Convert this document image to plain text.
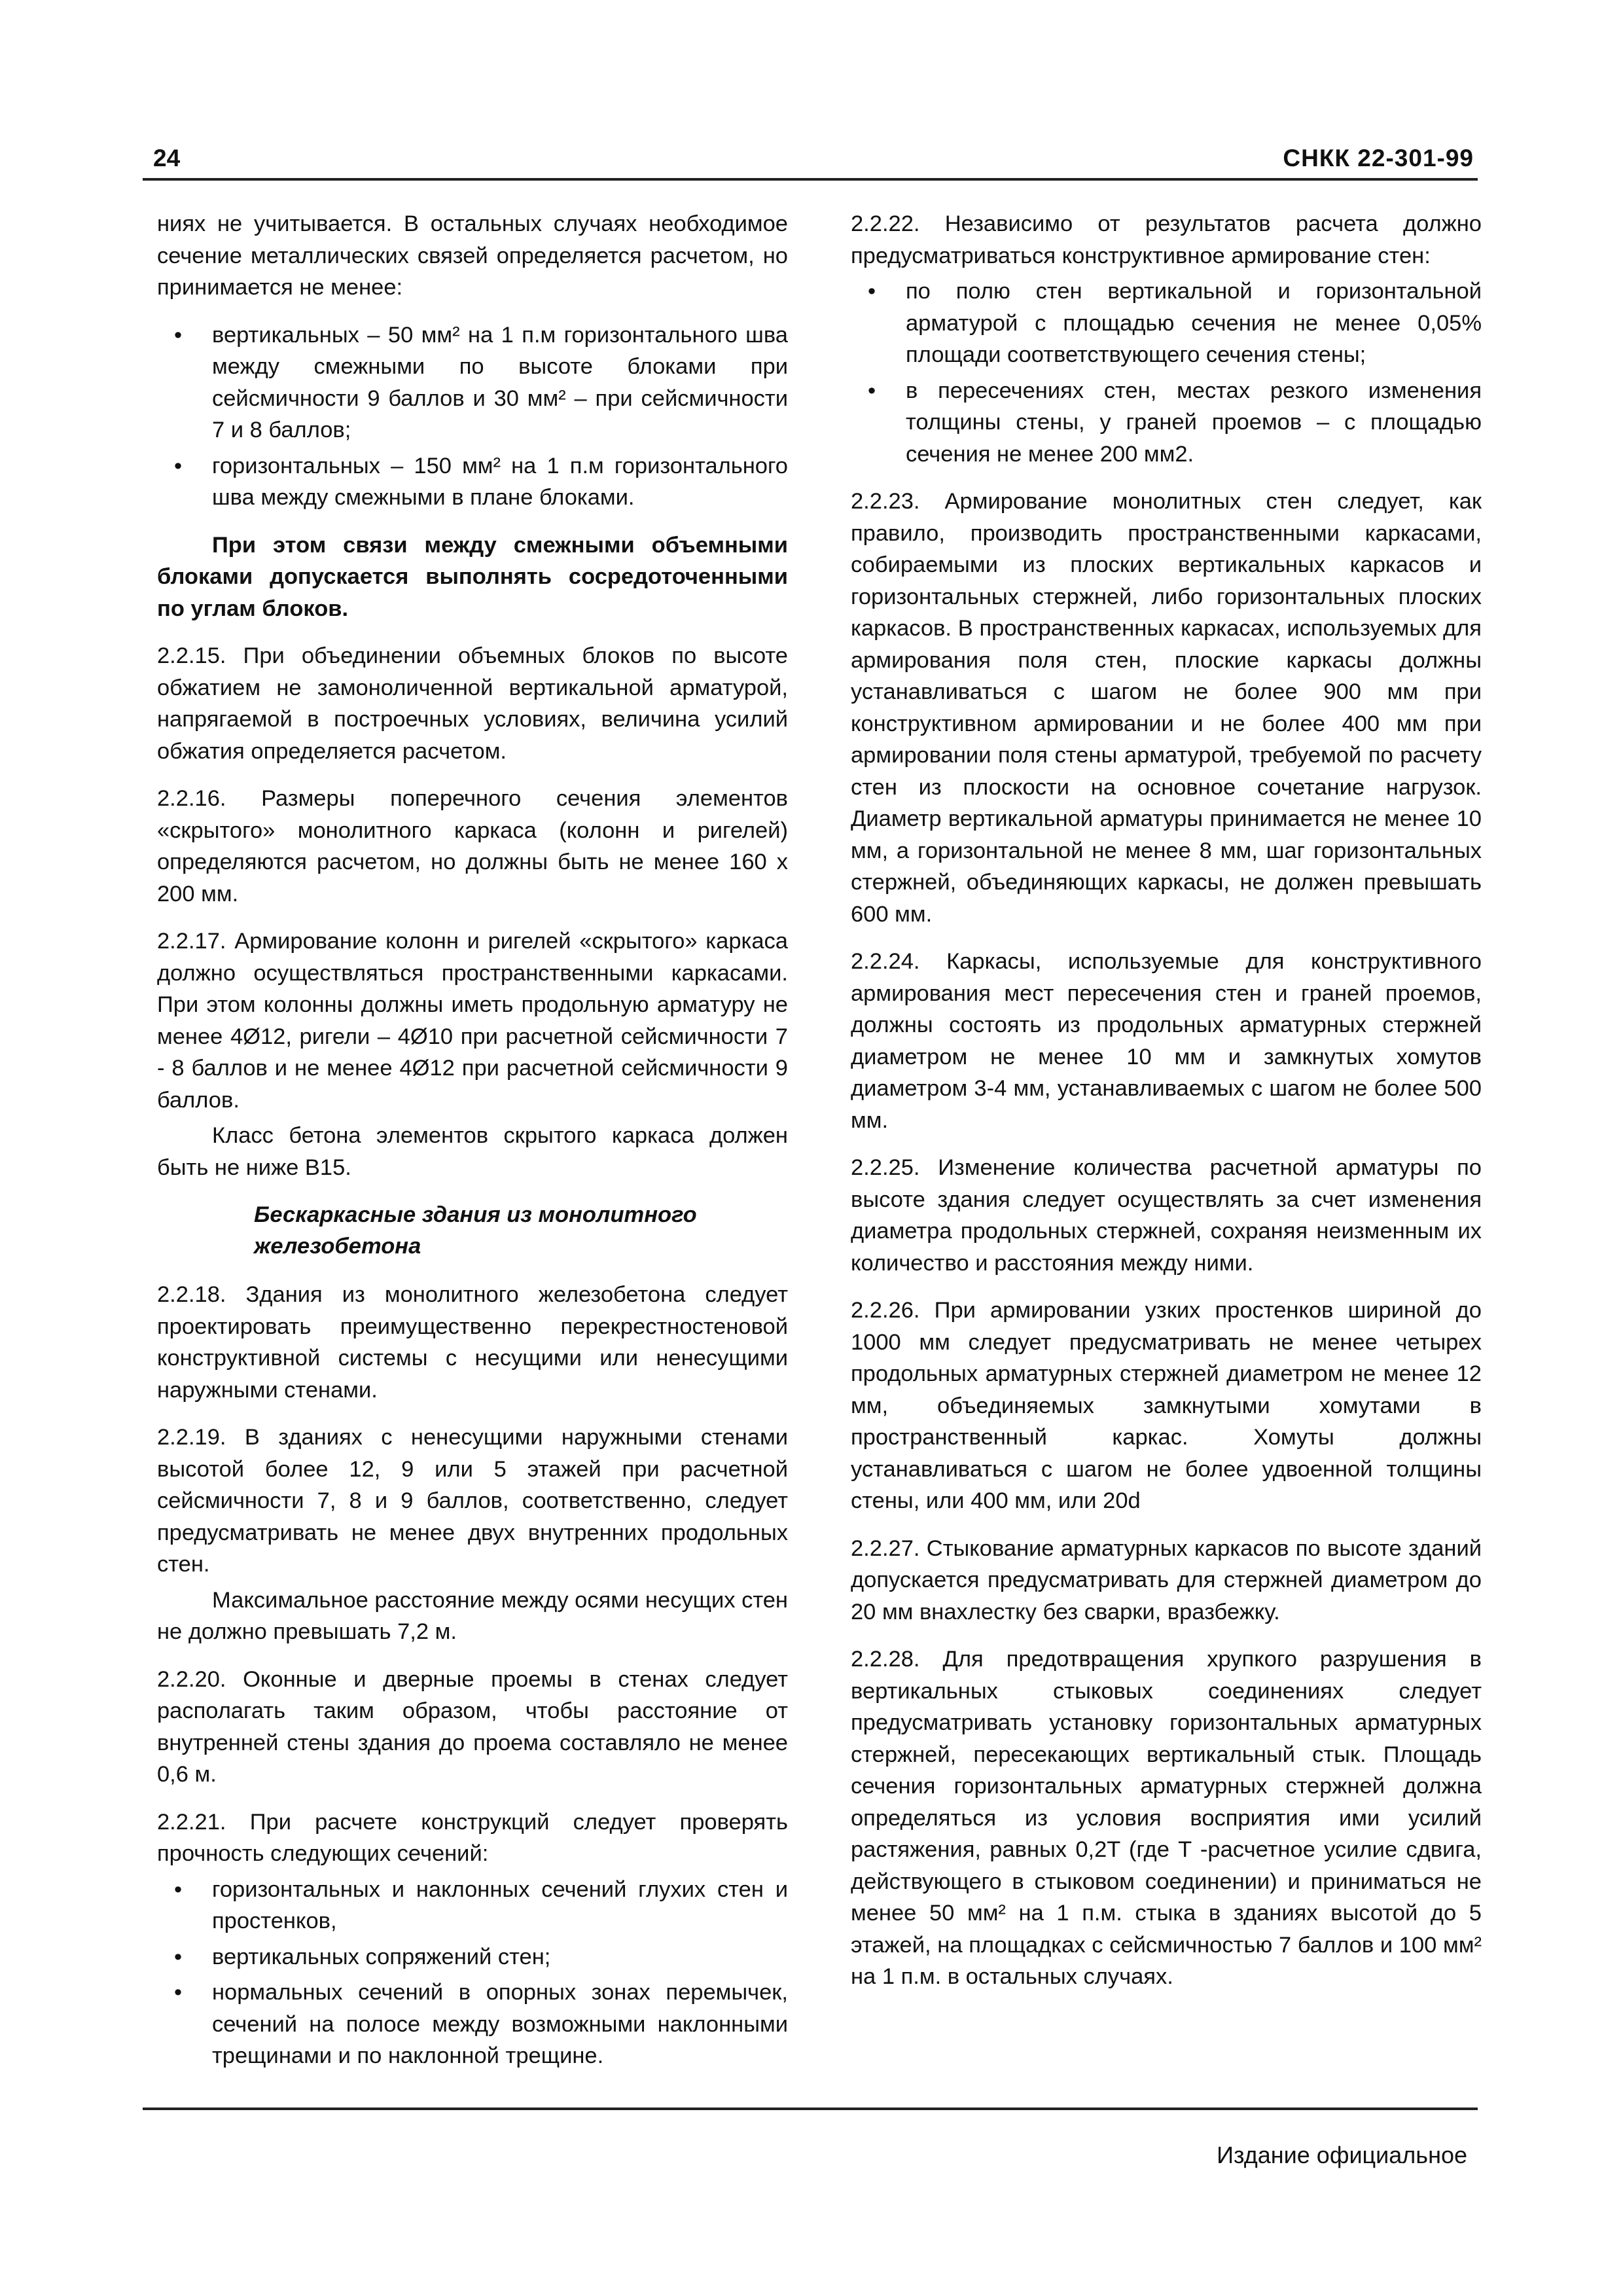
24	СНКК 22-301-99

ниях не учитывается. В остальных случаях необходимое сечение металлических связей определяется расчетом, но принимается не менее:

• вертикальных – 50 мм² на 1 п.м горизонтального шва между смежными по высоте блоками при сейсмичности 9 баллов и 30 мм² – при сейсмичности 7 и 8 баллов;
• горизонтальных – 150 мм² на 1 п.м горизонтального шва между смежными в плане блоками.

При этом связи между смежными объемными блоками допускается выполнять сосредоточенными по углам блоков.

2.2.15. При объединении объемных блоков по высоте обжатием не замоноличенной вертикальной арматурой, напрягаемой в построечных условиях, величина усилий обжатия определяется расчетом.

2.2.16. Размеры поперечного сечения элементов «скрытого» монолитного каркаса (колонн и ригелей) определяются расчетом, но должны быть не менее 160 х 200 мм.

2.2.17. Армирование колонн и ригелей «скрытого» каркаса должно осуществляться пространственными каркасами. При этом колонны должны иметь продольную арматуру не менее 4Ø12, ригели – 4Ø10 при расчетной сейсмичности 7 - 8 баллов и не менее 4Ø12 при расчетной сейсмичности 9 баллов.

Класс бетона элементов скрытого каркаса должен быть не ниже B15.

Бескаркасные здания из монолитного железобетона

2.2.18. Здания из монолитного железобетона следует проектировать преимущественно перекрестностеновой конструктивной системы с несущими или ненесущими наружными стенами.

2.2.19. В зданиях с ненесущими наружными стенами высотой более 12, 9 или 5 этажей при расчетной сейсмичности 7, 8 и 9 баллов, соответственно, следует предусматривать не менее двух внутренних продольных стен.

Максимальное расстояние между осями несущих стен не должно превышать 7,2 м.

2.2.20. Оконные и дверные проемы в стенах следует располагать таким образом, чтобы расстояние от внутренней стены здания до проема составляло не менее 0,6 м.

2.2.21. При расчете конструкций следует проверять прочность следующих сечений:

• горизонтальных и наклонных сечений глухих стен и простенков,
• вертикальных сопряжений стен;
• нормальных сечений в опорных зонах перемычек, сечений на полосе между возможными наклонными трещинами и по наклонной трещине.

2.2.22. Независимо от результатов расчета должно предусматриваться конструктивное армирование стен:

• по полю стен вертикальной и горизонтальной арматурой с площадью сечения не менее 0,05% площади соответствующего сечения стены;
• в пересечениях стен, местах резкого изменения толщины стены, у граней проемов – с площадью сечения не менее 200 мм2.

2.2.23. Армирование монолитных стен следует, как правило, производить пространственными каркасами, собираемыми из плоских вертикальных каркасов и горизонтальных стержней, либо горизонтальных плоских каркасов. В пространственных каркасах, используемых для армирования поля стен, плоские каркасы должны устанавливаться с шагом не более 900 мм при конструктивном армировании и не более 400 мм при армировании поля стены арматурой, требуемой по расчету стен из плоскости на основное сочетание нагрузок. Диаметр вертикальной арматуры принимается не менее 10 мм, а горизонтальной не менее 8 мм, шаг горизонтальных стержней, объединяющих каркасы, не должен превышать 600 мм.

2.2.24. Каркасы, используемые для конструктивного армирования мест пересечения стен и граней проемов, должны состоять из продольных арматурных стержней диаметром не менее 10 мм и замкнутых хомутов диаметром 3-4 мм, устанавливаемых с шагом не более 500 мм.

2.2.25. Изменение количества расчетной арматуры по высоте здания следует осуществлять за счет изменения диаметра продольных стержней, сохраняя неизменным их количество и расстояния между ними.

2.2.26. При армировании узких простенков шириной до 1000 мм следует предусматривать не менее четырех продольных арматурных стержней диаметром не менее 12 мм, объединяемых замкнутыми хомутами в пространственный каркас. Хомуты должны устанавливаться с шагом не более удвоенной толщины стены, или 400 мм, или 20d

2.2.27. Стыкование арматурных каркасов по высоте зданий допускается предусматривать для стержней диаметром до 20 мм внахлестку без сварки, вразбежку.

2.2.28. Для предотвращения хрупкого разрушения в вертикальных стыковых соединениях следует предусматривать установку горизонтальных арматурных стержней, пересекающих вертикальный стык. Площадь сечения горизонтальных арматурных стержней должна определяться из условия восприятия ими усилий растяжения, равных 0,2T (где T -расчетное усилие сдвига, действующего в стыковом соединении) и приниматься не менее 50 мм² на 1 п.м. стыка в зданиях высотой до 5 этажей, на площадках с сейсмичностью 7 баллов и 100 мм² на 1 п.м. в остальных случаях.

Издание официальное
